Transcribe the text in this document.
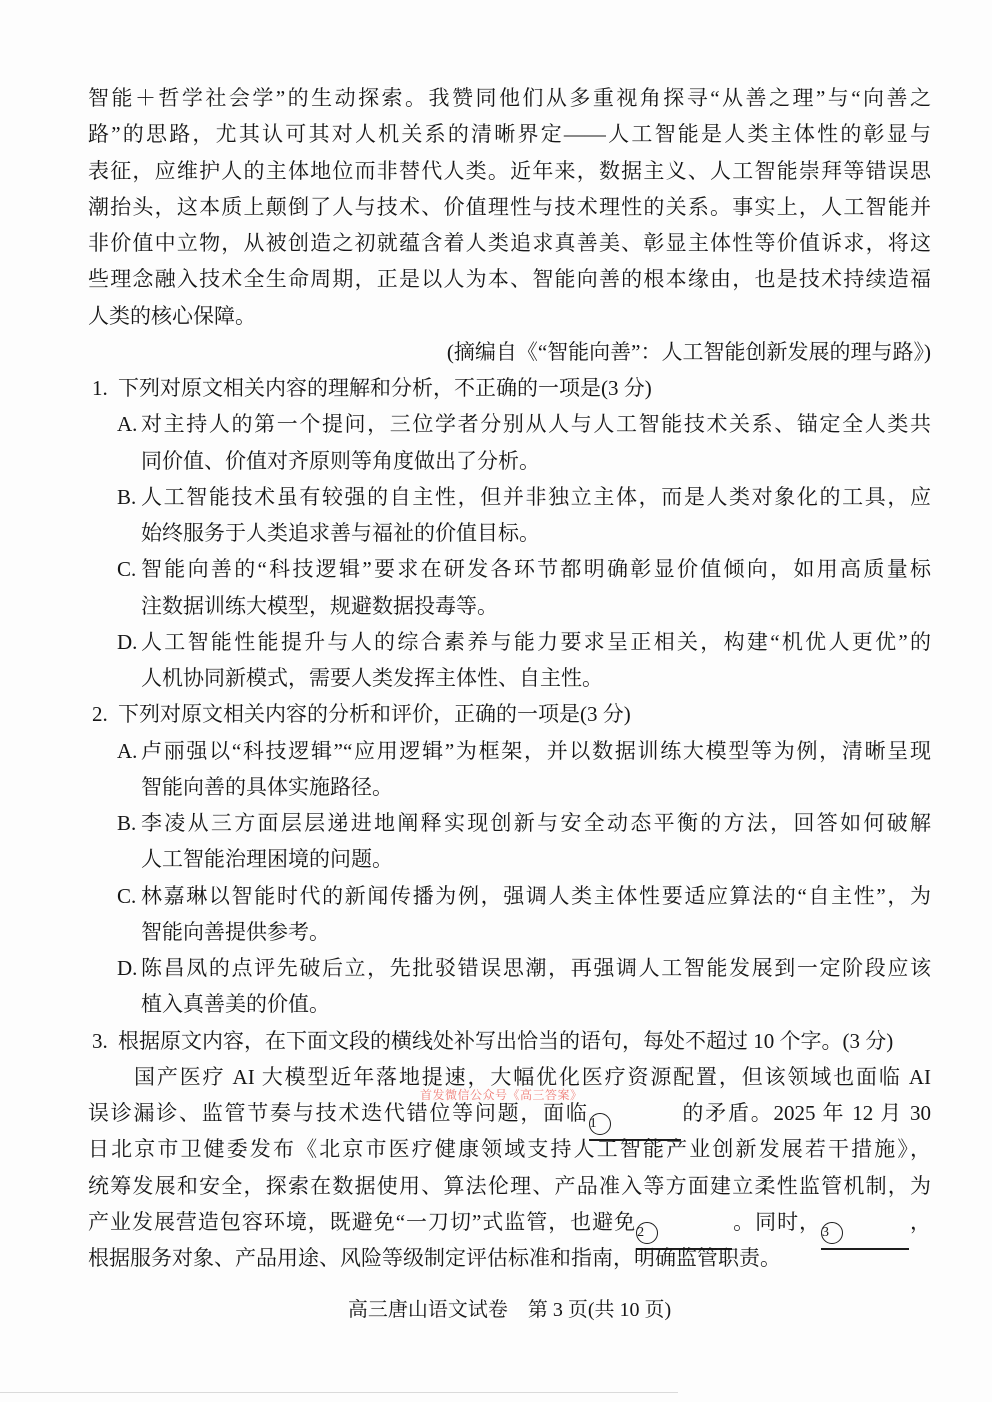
智能＋哲学社会学”的生动探索。我赞同他们从多重视角探寻“从善之理”与“向善之
路”的思路，尤其认可其对人机关系的清晰界定——人工智能是人类主体性的彰显与
表征，应维护人的主体地位而非替代人类。近年来，数据主义、人工智能崇拜等错误思
潮抬头，这本质上颠倒了人与技术、价值理性与技术理性的关系。事实上，人工智能并
非价值中立物，从被创造之初就蕴含着人类追求真善美、彰显主体性等价值诉求，将这
些理念融入技术全生命周期，正是以人为本、智能向善的根本缘由，也是技术持续造福
人类的核心保障。
(摘编自《“智能向善”：人工智能创新发展的理与路》)
1. 下列对原文相关内容的理解和分析，不正确的一项是(3 分)
A. 对主持人的第一个提问，三位学者分别从人与人工智能技术关系、锚定全人类共
同价值、价值对齐原则等角度做出了分析。
B. 人工智能技术虽有较强的自主性，但并非独立主体，而是人类对象化的工具，应
始终服务于人类追求善与福祉的价值目标。
C. 智能向善的“科技逻辑”要求在研发各环节都明确彰显价值倾向，如用高质量标
注数据训练大模型，规避数据投毒等。
D. 人工智能性能提升与人的综合素养与能力要求呈正相关，构建“机优人更优”的
人机协同新模式，需要人类发挥主体性、自主性。
2. 下列对原文相关内容的分析和评价，正确的一项是(3 分)
A. 卢丽强以“科技逻辑”“应用逻辑”为框架，并以数据训练大模型等为例，清晰呈现
智能向善的具体实施路径。
B. 李凌从三方面层层递进地阐释实现创新与安全动态平衡的方法，回答如何破解
人工智能治理困境的问题。
C. 林嘉琳以智能时代的新闻传播为例，强调人类主体性要适应算法的“自主性”，为
智能向善提供参考。
D. 陈昌凤的点评先破后立，先批驳错误思潮，再强调人工智能发展到一定阶段应该
植入真善美的价值。
3. 根据原文内容，在下面文段的横线处补写出恰当的语句，每处不超过 10 个字。(3 分)
国产医疗 AI 大模型近年落地提速，大幅优化医疗资源配置，但该领域也面临 AI
误诊漏诊、监管节奏与技术迭代错位等问题，面临1	的矛盾。2025 年 12 月 30
日北京市卫健委发布《北京市医疗健康领域支持人工智能产业创新发展若干措施》，
统筹发展和安全，探索在数据使用、算法伦理、产品准入等方面建立柔性监管机制，为
产业发展营造包容环境，既避免“一刀切”式监管，也避免2	。同时，3	，
根据服务对象、产品用途、风险等级制定评估标准和指南，明确监管职责。
首发微信公众号《高三答案》
高三唐山语文试卷　第 3 页(共 10 页)
